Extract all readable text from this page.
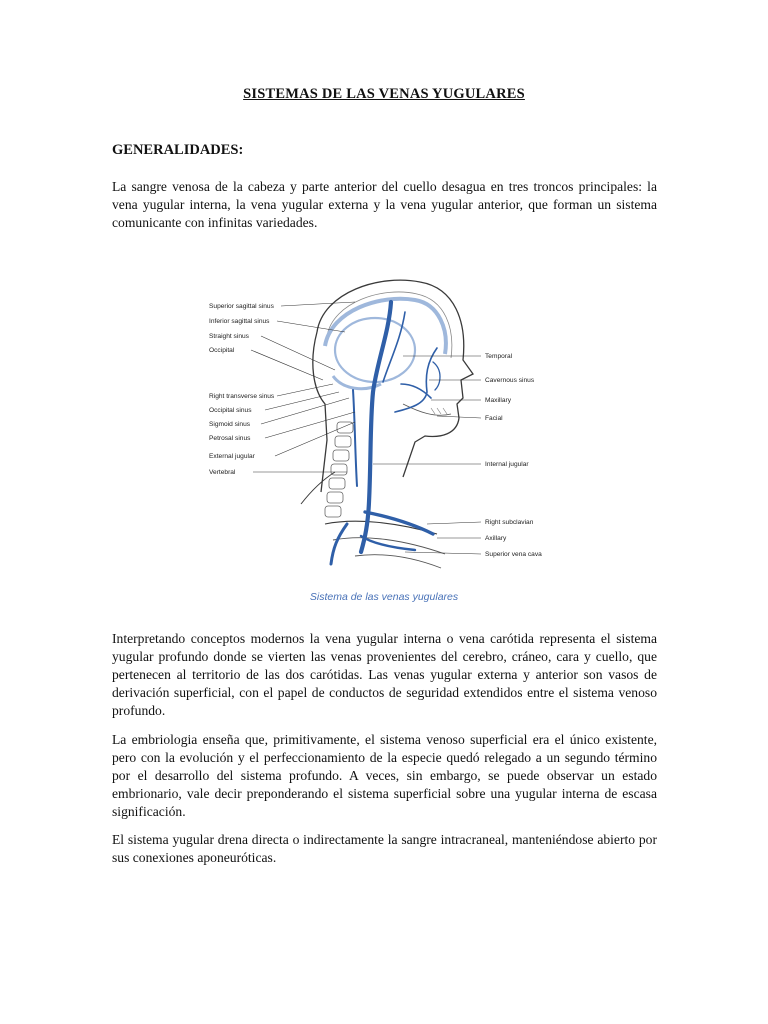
SISTEMAS DE LAS VENAS YUGULARES
GENERALIDADES:

La sangre venosa de la cabeza y parte anterior del cuello desagua en tres troncos principales: la vena yugular interna, la vena yugular externa y la vena yugular anterior, que forman un sistema comunicante con infinitas variedades.

Superior sagittal sinus
Inferior sagittal sinus
Straight sinus
Occipital
Right transverse sinus
Occipital sinus
Sigmoid sinus
Petrosal sinus
External jugular
Vertebral
Temporal
Cavernous sinus
Maxillary
Facial
Internal jugular
Right subclavian
Axillary
Superior vena cava
Sistema de las venas yugulares

Interpretando conceptos modernos la vena yugular interna o vena carótida representa el sistema yugular profundo donde se vierten las venas provenientes del cerebro, cráneo, cara y cuello, que pertenecen al territorio de las dos carótidas. Las venas yugular externa y anterior son vasos de derivación superficial, con el papel de conductos de seguridad extendidos entre el sistema venoso profundo.

La embriologia enseña que, primitivamente, el sistema venoso superficial era el único existente, pero con la evolución y el perfeccionamiento de la especie quedó relegado a un segundo término por el desarrollo del sistema profundo. A veces, sin embargo, se puede observar un estado embrionario, vale decir preponderando el sistema superficial sobre una yugular interna de escasa significación.

El sistema yugular drena directa o indirectamente la sangre intracraneal, manteniéndose abierto por sus conexiones aponeuróticas.
